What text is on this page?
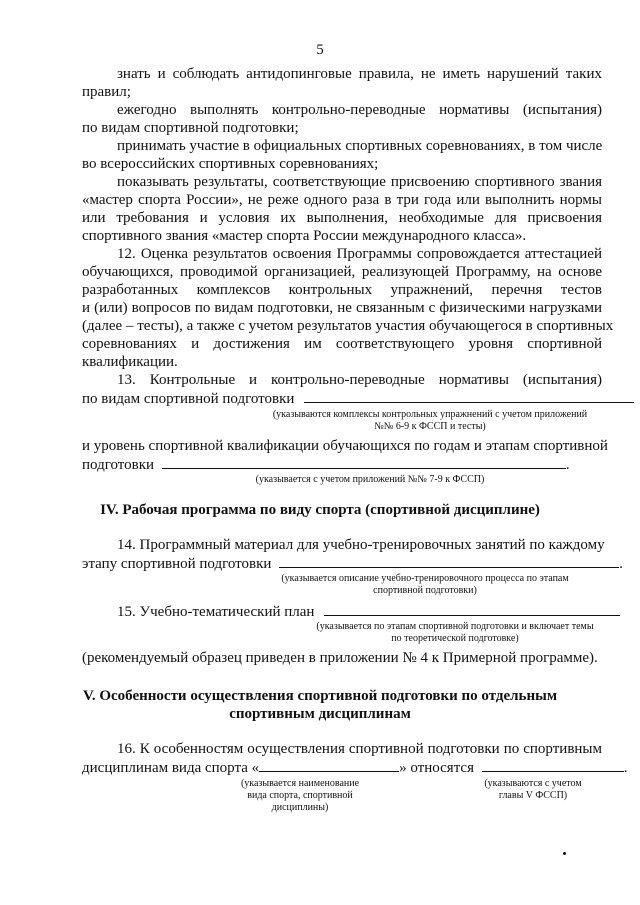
5
знать и соблюдать антидопинговые правила, не иметь нарушений таких
правил;
ежегодно выполнять контрольно-переводные нормативы (испытания)
по видам спортивной подготовки;
принимать участие в официальных спортивных соревнованиях, в том числе
во всероссийских спортивных соревнованиях;
показывать результаты, соответствующие присвоению спортивного звания
«мастер спорта России», не реже одного раза в три года или выполнить нормы
или требования и условия их выполнения, необходимые для присвоения
спортивного звания «мастер спорта России международного класса».
12. Оценка результатов освоения Программы сопровождается аттестацией
обучающихся, проводимой организацией, реализующей Программу, на основе
разработанных комплексов контрольных упражнений, перечня тестов
и (или) вопросов по видам подготовки, не связанным с физическими нагрузками
(далее – тесты), а также с учетом результатов участия обучающегося в спортивных
соревнованиях и достижения им соответствующего уровня спортивной
квалификации.
13. Контрольные и контрольно-переводные нормативы (испытания)
по видам спортивной подготовки
(указываются комплексы контрольных упражнений с учетом приложений
№№ 6-9 к ФССП и тесты)
и уровень спортивной квалификации обучающихся по годам и этапам спортивной
подготовки	.
(указывается с учетом приложений №№ 7-9 к ФССП)
IV. Рабочая программа по виду спорта (спортивной дисциплине)
14. Программный материал для учебно-тренировочных занятий по каждому
этапу спортивной подготовки	.
(указывается описание учебно-тренировочного процесса по этапам
спортивной подготовки)
15. Учебно-тематический план
(указывается по этапам спортивной подготовки и включает темы
по теоретической подготовке)
(рекомендуемый образец приведен в приложении № 4 к Примерной программе).
V. Особенности осуществления спортивной подготовки по отдельным
спортивным дисциплинам
16. К особенностям осуществления спортивной подготовки по спортивным
дисциплинам вида спорта «	» относятся	.
(указывается наименование
вида спорта, спортивной
дисциплины)
(указываются с учетом
главы V ФССП)
